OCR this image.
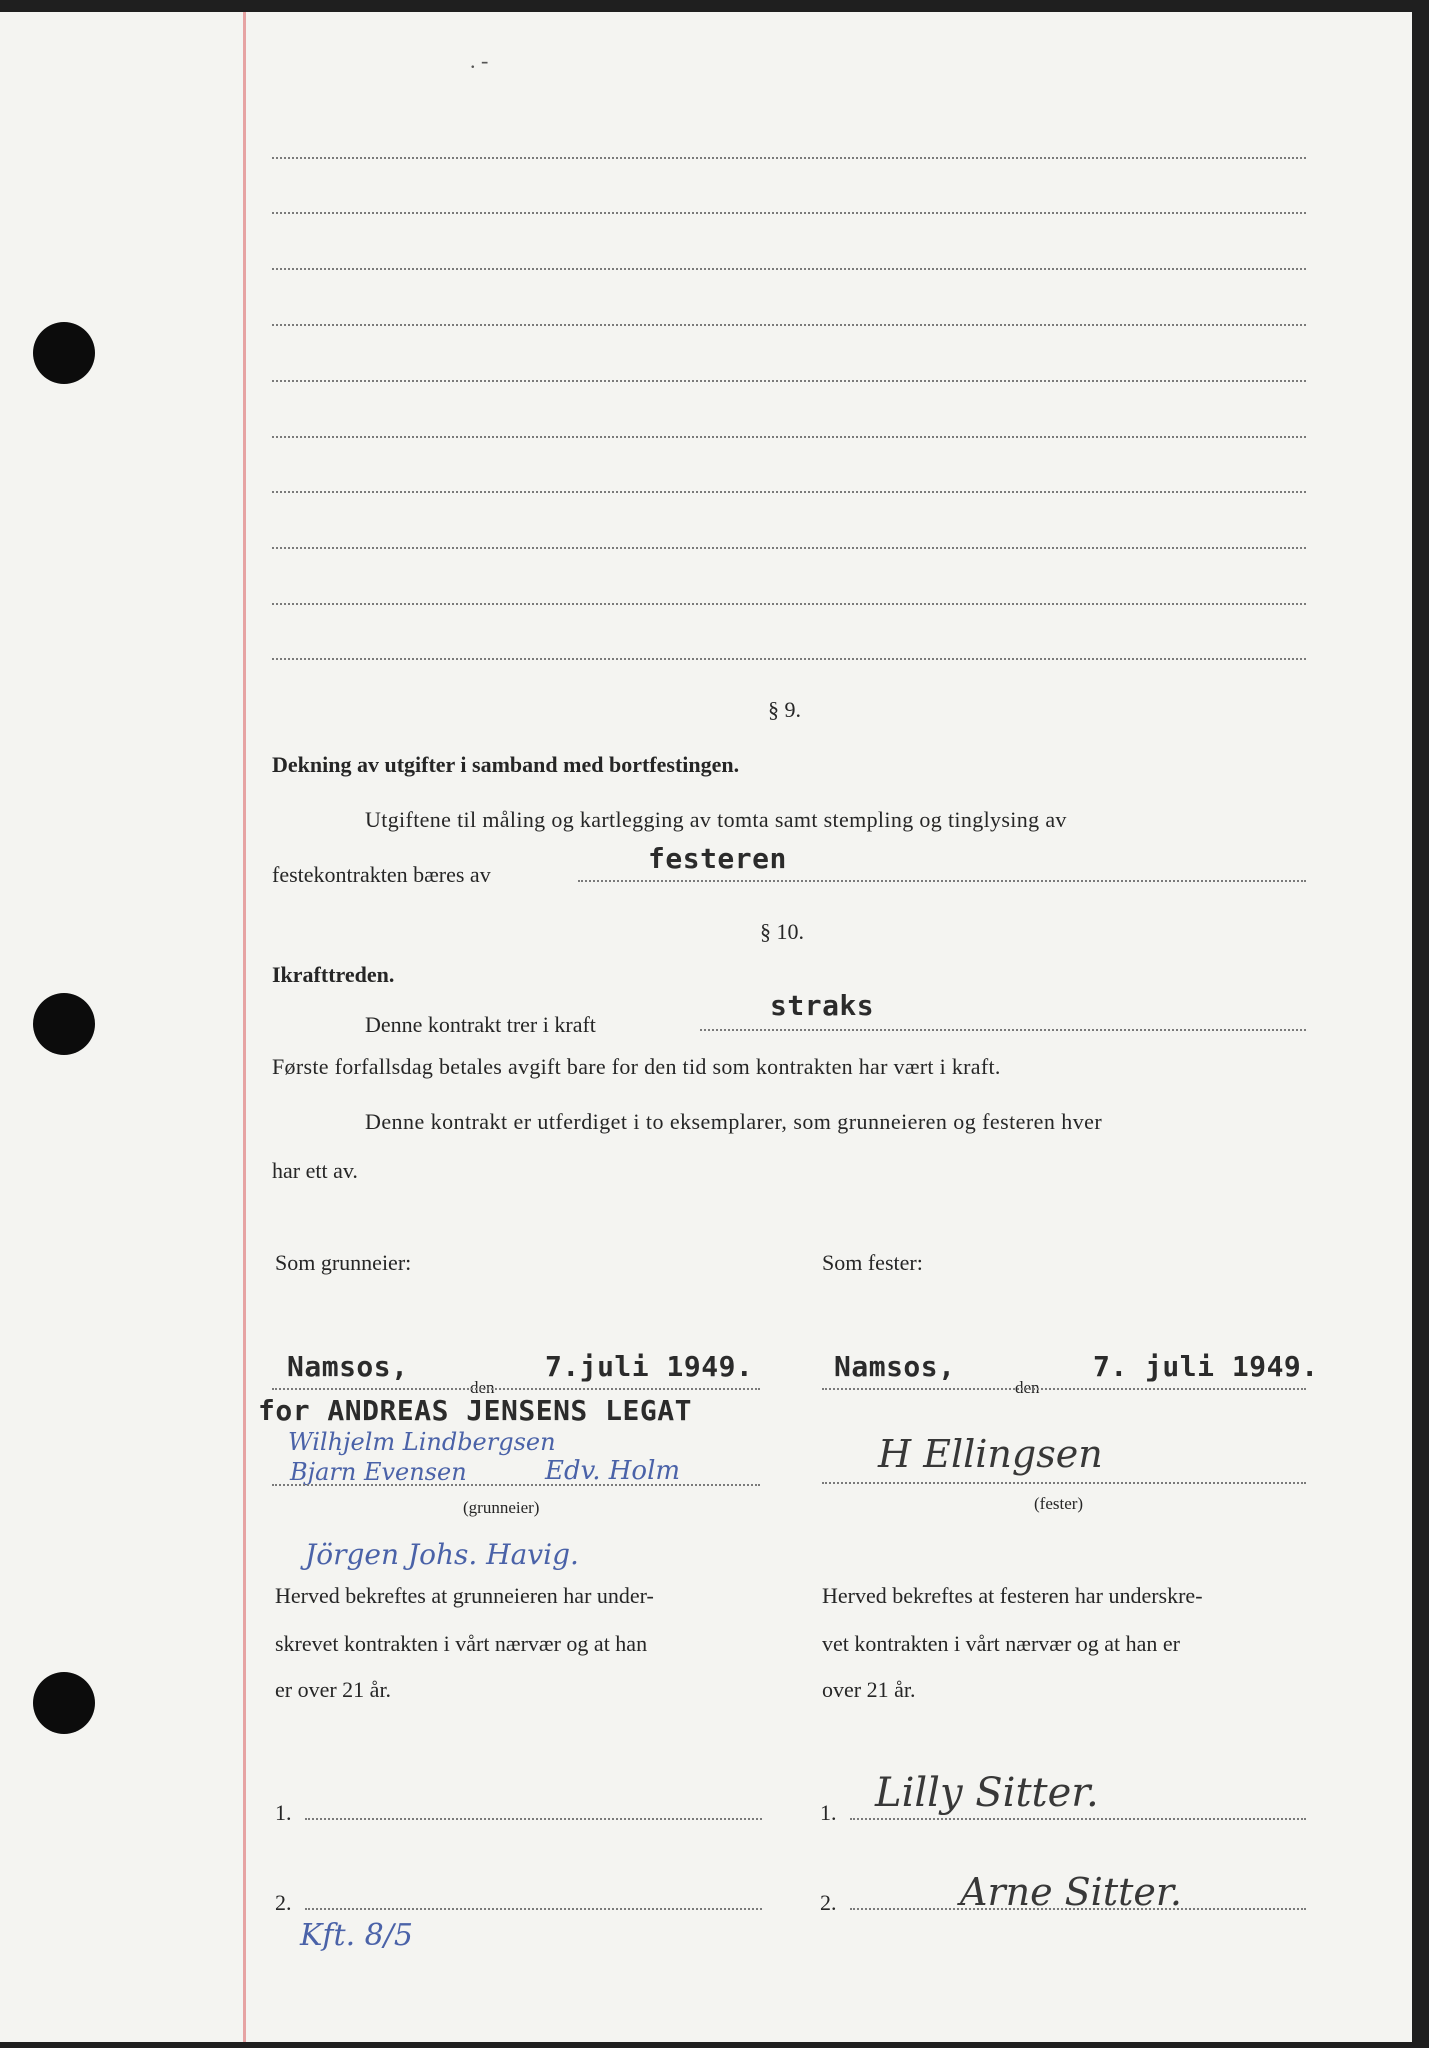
. -
§ 9.
Dekning av utgifter i samband med bortfestingen.
Utgiftene til måling og kartlegging av tomta samt stempling og tinglysing av
festekontrakten bæres av	festeren
§ 10.
Ikrafttreden.
Denne kontrakt trer i kraft
straks
Første forfallsdag betales avgift bare for den tid som kontrakten har vært i kraft.
Denne kontrakt er utferdiget i to eksemplarer, som grunneieren og festeren hver
har ett av.
Som grunneier:
Namsos,
den
7.juli 1949.
for ANDREAS JENSENS LEGAT
Wilhjelm Lindbergsen
Bjarn Evensen	Edv. Holm
(grunneier)
Jörgen Johs. Havig.
Herved bekreftes at grunneieren har under-
skrevet kontrakten i vårt nærvær og at han
er over 21 år.
1.
2.
Kft. 8/5
Som fester:
Namsos,
den
7. juli 1949.
H Ellingsen
(fester)
Herved bekreftes at festeren har underskre-
vet kontrakten i vårt nærvær og at han er
over 21 år.
1. Lilly Sitter.
2.	Arne Sitter.
